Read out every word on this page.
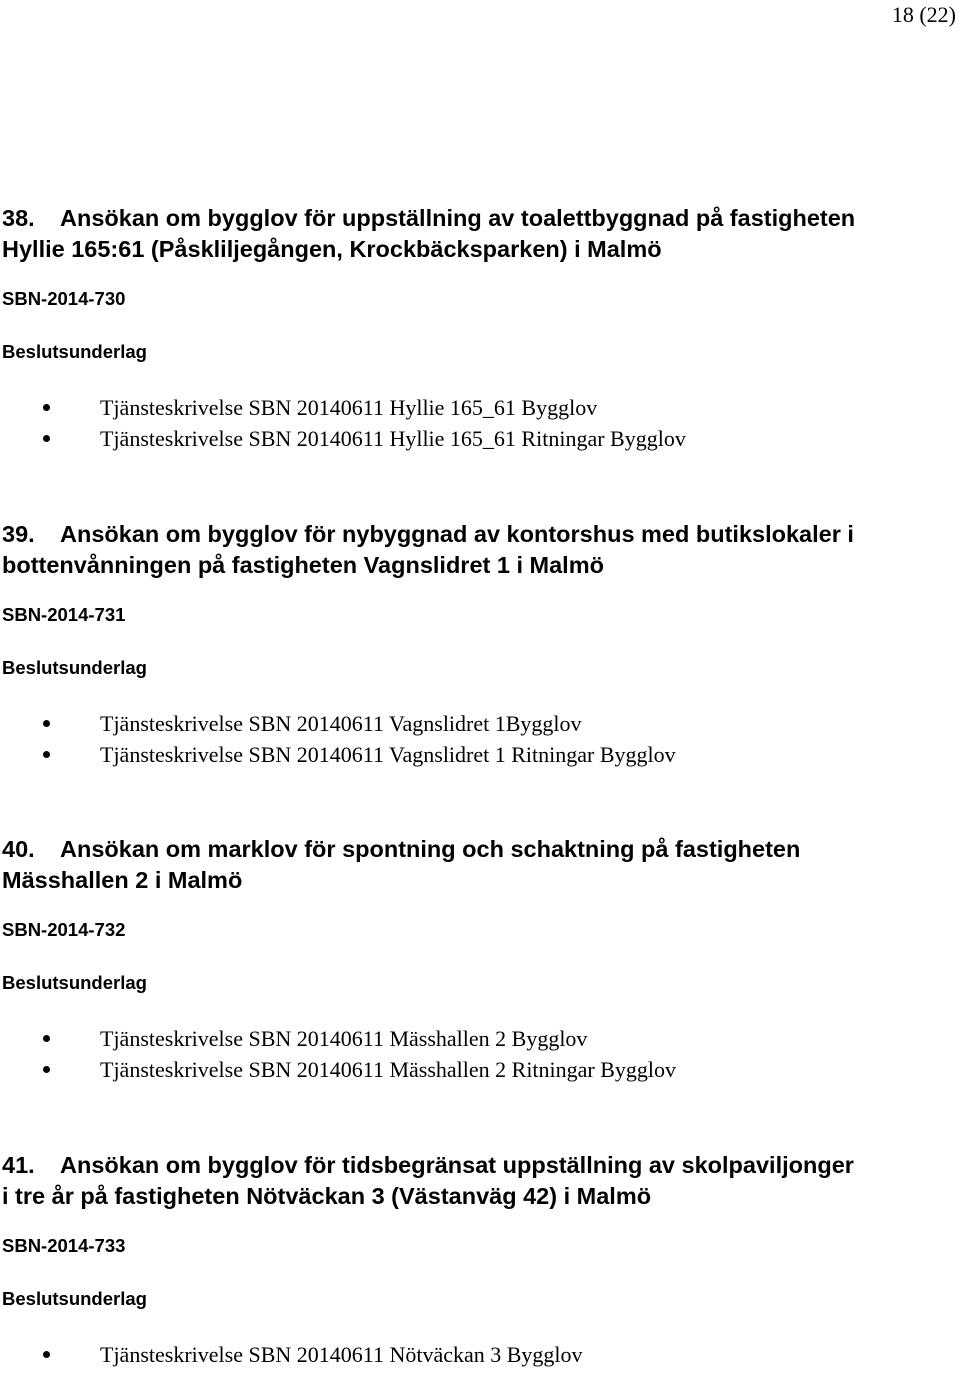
18 (22)

38. Ansökan om bygglov för uppställning av toalettbyggnad på fastigheten
Hyllie 165:61 (Påskliljegången, Krockbäcksparken) i Malmö

SBN-2014-730
Beslutsunderlag
Tjänsteskrivelse SBN 20140611 Hyllie 165_61 Bygglov
Tjänsteskrivelse SBN 20140611 Hyllie 165_61 Ritningar Bygglov

39. Ansökan om bygglov för nybyggnad av kontorshus med butikslokaler i
bottenvånningen på fastigheten Vagnslidret 1 i Malmö

SBN-2014-731
Beslutsunderlag
Tjänsteskrivelse SBN 20140611 Vagnslidret 1Bygglov
Tjänsteskrivelse SBN 20140611 Vagnslidret 1 Ritningar Bygglov

40. Ansökan om marklov för spontning och schaktning på fastigheten
Mässhallen 2 i Malmö

SBN-2014-732
Beslutsunderlag
Tjänsteskrivelse SBN 20140611 Mässhallen 2 Bygglov
Tjänsteskrivelse SBN 20140611 Mässhallen 2 Ritningar Bygglov

41. Ansökan om bygglov för tidsbegränsat uppställning av skolpaviljonger
i tre år på fastigheten Nötväckan 3 (Västanväg 42) i Malmö

SBN-2014-733
Beslutsunderlag
Tjänsteskrivelse SBN 20140611 Nötväckan 3 Bygglov
